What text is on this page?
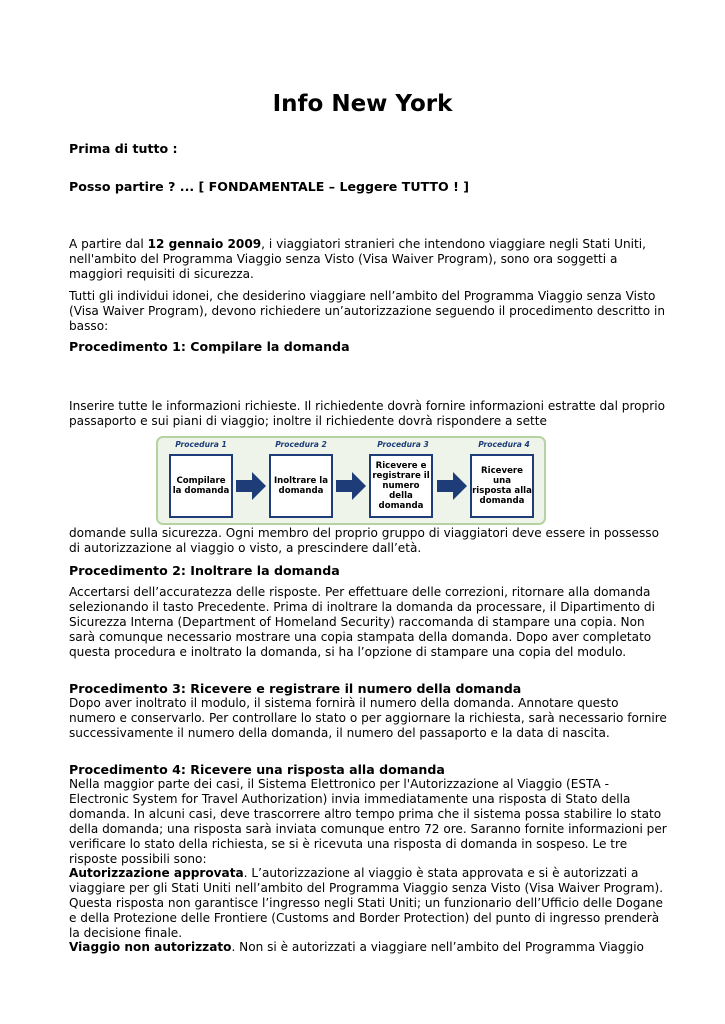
Info New York

Prima di tutto :

Posso partire ? ... [ FONDAMENTALE – Leggere TUTTO ! ]

A partire dal 12 gennaio 2009, i viaggiatori stranieri che intendono viaggiare negli Stati Uniti, nell'ambito del Programma Viaggio senza Visto (Visa Waiver Program), sono ora soggetti a maggiori requisiti di sicurezza.

Tutti gli individui idonei, che desiderino viaggiare nell’ambito del Programma Viaggio senza Visto (Visa Waiver Program), devono richiedere un’autorizzazione seguendo il procedimento descritto in basso:

Procedimento 1: Compilare la domanda

Inserire tutte le informazioni richieste. Il richiedente dovrà fornire informazioni estratte dal proprio passaporto e sui piani di viaggio; inoltre il richiedente dovrà rispondere a sette

Procedura 1	Procedura 2	Procedura 3	Procedura 4
Compilare la domanda
Inoltrare la domanda
Ricevere e registrare il numero della domanda
Ricevere una risposta alla domanda

domande sulla sicurezza. Ogni membro del proprio gruppo di viaggiatori deve essere in possesso di autorizzazione al viaggio o visto, a prescindere dall’età.

Procedimento 2: Inoltrare la domanda

Accertarsi dell’accuratezza delle risposte. Per effettuare delle correzioni, ritornare alla domanda selezionando il tasto Precedente. Prima di inoltrare la domanda da processare, il Dipartimento di Sicurezza Interna (Department of Homeland Security) raccomanda di stampare una copia. Non sarà comunque necessario mostrare una copia stampata della domanda. Dopo aver completato questa procedura e inoltrato la domanda, si ha l’opzione di stampare una copia del modulo.

Procedimento 3: Ricevere e registrare il numero della domanda

Dopo aver inoltrato il modulo, il sistema fornirà il numero della domanda. Annotare questo numero e conservarlo. Per controllare lo stato o per aggiornare la richiesta, sarà necessario fornire successivamente il numero della domanda, il numero del passaporto e la data di nascita.

Procedimento 4: Ricevere una risposta alla domanda

Nella maggior parte dei casi, il Sistema Elettronico per l'Autorizzazione al Viaggio (ESTA - Electronic System for Travel Authorization) invia immediatamente una risposta di Stato della domanda. In alcuni casi, deve trascorrere altro tempo prima che il sistema possa stabilire lo stato della domanda; una risposta sarà inviata comunque entro 72 ore. Saranno fornite informazioni per verificare lo stato della richiesta, se si è ricevuta una risposta di domanda in sospeso. Le tre risposte possibili sono:

Autorizzazione approvata. L’autorizzazione al viaggio è stata approvata e si è autorizzati a viaggiare per gli Stati Uniti nell’ambito del Programma Viaggio senza Visto (Visa Waiver Program). Questa risposta non garantisce l’ingresso negli Stati Uniti; un funzionario dell’Ufficio delle Dogane e della Protezione delle Frontiere (Customs and Border Protection) del punto di ingresso prenderà la decisione finale.

Viaggio non autorizzato. Non si è autorizzati a viaggiare nell’ambito del Programma Viaggio
